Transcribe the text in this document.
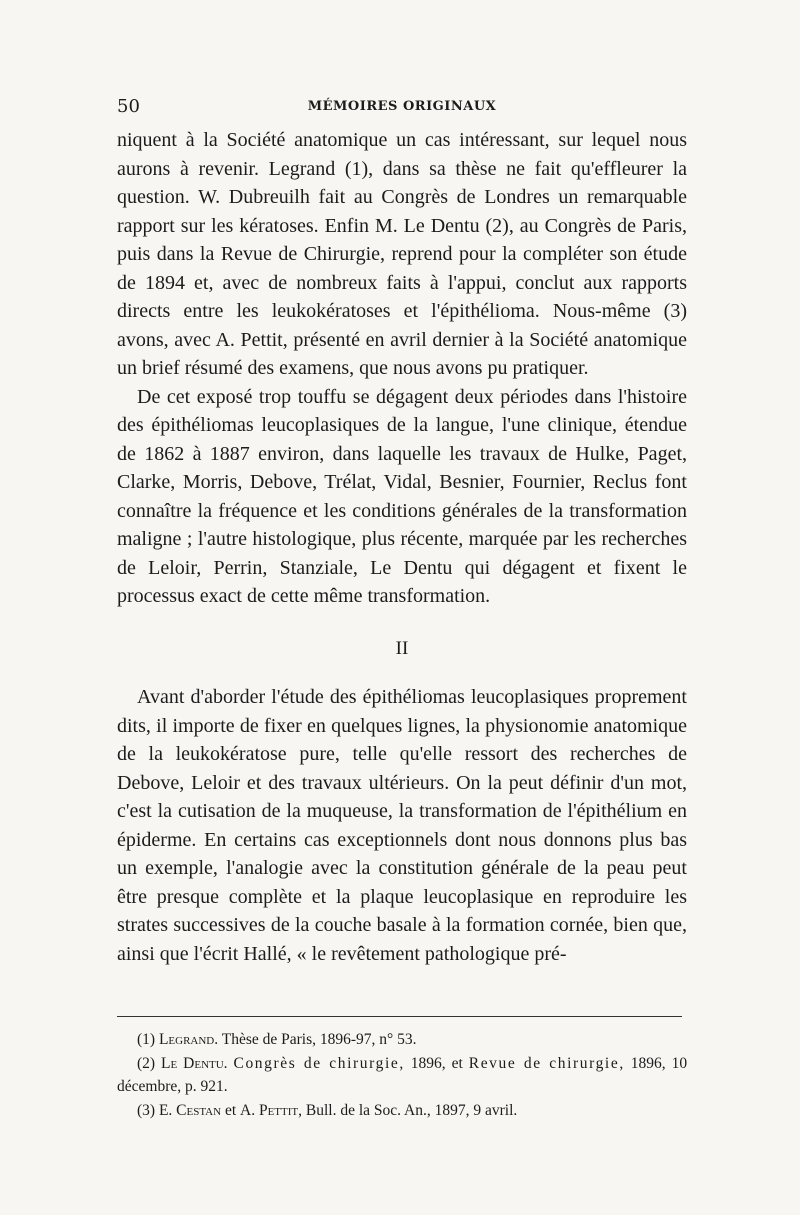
50	MÉMOIRES ORIGINAUX

niquent à la Société anatomique un cas intéressant, sur lequel nous aurons à revenir. Legrand (1), dans sa thèse ne fait qu'effleurer la question. W. Dubreuilh fait au Congrès de Londres un remarquable rapport sur les kératoses. Enfin M. Le Dentu (2), au Congrès de Paris, puis dans la Revue de Chirurgie, reprend pour la compléter son étude de 1894 et, avec de nombreux faits à l'appui, conclut aux rapports directs entre les leukokératoses et l'épithélioma. Nous-même (3) avons, avec A. Pettit, présenté en avril dernier à la Société anatomique un brief résumé des examens, que nous avons pu pratiquer.

De cet exposé trop touffu se dégagent deux périodes dans l'histoire des épithéliomas leucoplasiques de la langue, l'une clinique, étendue de 1862 à 1887 environ, dans laquelle les travaux de Hulke, Paget, Clarke, Morris, Debove, Trélat, Vidal, Besnier, Fournier, Reclus font connaître la fréquence et les conditions générales de la transformation maligne ; l'autre histologique, plus récente, marquée par les recherches de Leloir, Perrin, Stanziale, Le Dentu qui dégagent et fixent le processus exact de cette même transformation.

II

Avant d'aborder l'étude des épithéliomas leucoplasiques proprement dits, il importe de fixer en quelques lignes, la physionomie anatomique de la leukokératose pure, telle qu'elle ressort des recherches de Debove, Leloir et des travaux ultérieurs. On la peut définir d'un mot, c'est la cutisation de la muqueuse, la transformation de l'épithélium en épiderme. En certains cas exceptionnels dont nous donnons plus bas un exemple, l'analogie avec la constitution générale de la peau peut être presque complète et la plaque leucoplasique en reproduire les strates successives de la couche basale à la formation cornée, bien que, ainsi que l'écrit Hallé, « le revêtement pathologique pré-

(1) Legrand. Thèse de Paris, 1896-97, n° 53.

(2) Le Dentu. Congrès de chirurgie, 1896, et Revue de chirurgie, 1896, 10 décembre, p. 921.

(3) E. Cestan et A. Pettit, Bull. de la Soc. An., 1897, 9 avril.
